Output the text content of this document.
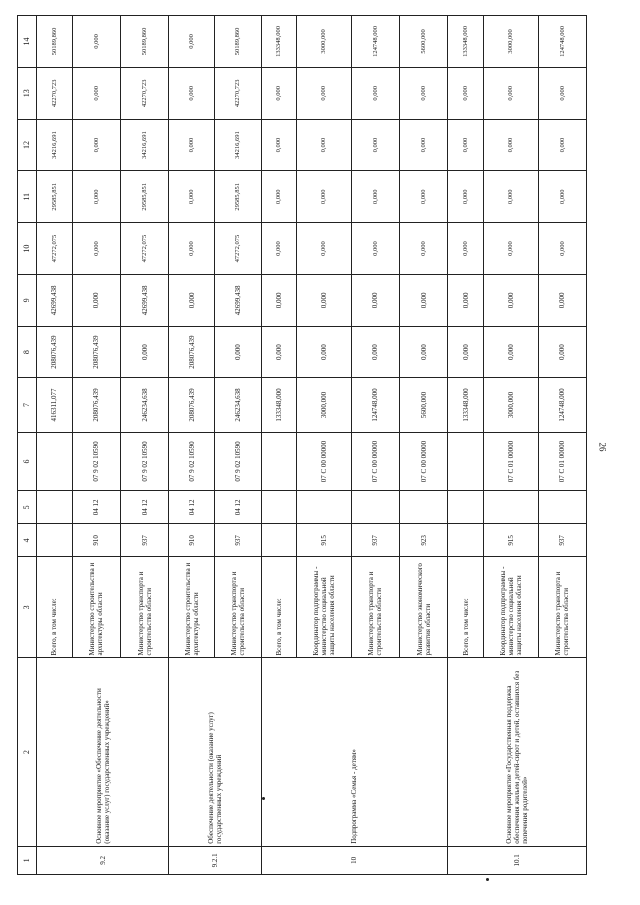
26
1	2	3	4	5	6	7	8	9	10	11	12	13	14
9.2	Основное мероприятие «Обеспечение деятельности (оказание услуг) государственных учреждений»	Всего, в том числе:				416311,077	208076,439	42699,438	47272,075	29585,851	34216,691	42270,723	50189,860
		Министерство строительства и архитектуры области	910	04 12	07 9 02 10590	208076,439	208076,439	0,000	0,000	0,000	0,000	0,000	0,000
		Министерство транспорта и строительства области	937	04 12	07 9 02 10590	246234,638	0,000	42699,438	47272,075	29585,851	34216,691	42270,723	50189,860
9.2.1	Обеспечение деятельности (оказание услуг) государственных учреждений	Министерство строительства и архитектуры области	910	04 12	07 9 02 10590	208076,439	208076,439	0,000	0,000	0,000	0,000	0,000	0,000
		Министерство транспорта и строительства области	937	04 12	07 9 02 10590	246234,638	0,000	42699,438	47272,075	29585,851	34216,691	42270,723	50189,860
10	Подпрограмма «Семья - детям»	Всего, в том числе:				133348,000	0,000	0,000	0,000	0,000	0,000	0,000	133348,000
		Координатор подпрограммы - министерство социальной защиты населения области	915		07 C 00 00000	3000,000	0,000	0,000	0,000	0,000	0,000	0,000	3000,000
		Министерство транспорта и строительства области	937		07 C 00 00000	124748,000	0,000	0,000	0,000	0,000	0,000	0,000	124748,000
		Министерство экономического развития области	923		07 C 00 00000	5600,000	0,000	0,000	0,000	0,000	0,000	0,000	5600,000
10.1	Основное мероприятие «Государственная поддержка обеспечения жильем детей-сирот и детей, оставшихся без попечения родителей»	Всего, в том числе:				133348,000	0,000	0,000	0,000	0,000	0,000	0,000	133348,000
		Координатор подпрограммы - министерство социальной защиты населения области	915		07 C 01 00000	3000,000	0,000	0,000	0,000	0,000	0,000	0,000	3000,000
		Министерство транспорта и строительства области	937		07 C 01 00000	124748,000	0,000	0,000	0,000	0,000	0,000	0,000	124748,000
